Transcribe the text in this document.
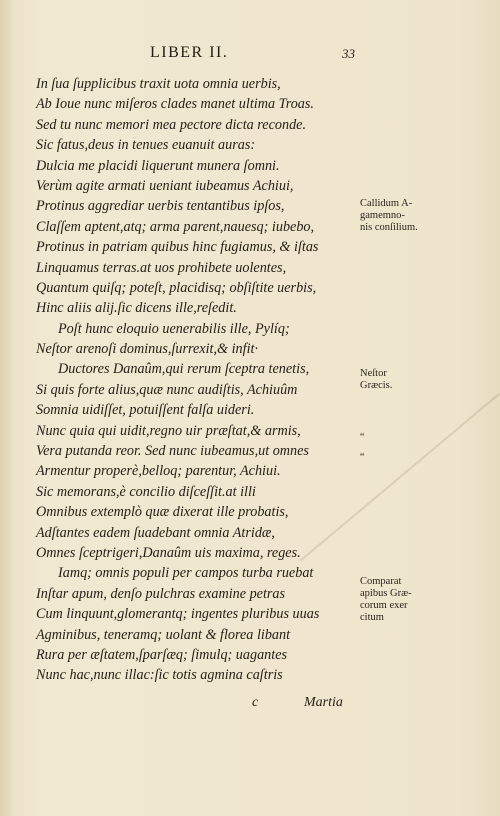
LIBER II.	33
In ſua ſupplicibus traxit uota omnia uerbis,
Ab Ioue nunc miſeros clades manet ultima Troas.
Sed tu nunc memori mea pectore dicta reconde.
Sic fatus,deus in tenues euanuit auras:
Dulcia me placidi liquerunt munera ſomni.
Verùm agite armati ueniant iubeamus Achiui,
Protinus aggrediar uerbis tentantibus ipſos,
Claſſem aptent,atq; arma parent,nauesq; iubebo,
Protinus in patriam quibus hinc fugiamus, & iſtas
Linquamus terras.at uos prohibete uolentes,
Quantum quiſq; poteſt, placidisq; obſiſtite uerbis,
Hinc aliis alij.ſic dicens ille,reſedit.
Poſt hunc eloquio uenerabilis ille, Pylíq;
Neſtor arenoſi dominus,ſurrexit,& infit·
Ductores Danaûm,qui rerum ſceptra tenetis,
Si quis forte alius,quæ nunc audiſtis, Achiuûm
Somnia uidiſſet, potuiſſent falſa uideri.
Nunc quia qui uidit,regno uir præſtat,& armis,
Vera putanda reor. Sed nunc iubeamus,ut omnes
Armentur properè,belloq; parentur, Achiui.
Sic memorans,è concilio diſceſſit.at illi
Omnibus extemplò quæ dixerat ille probatis,
Adſtantes eadem ſuadebant omnia Atridæ,
Omnes ſceptrigeri,Danaûm uis maxima, reges.
Iamq; omnis populi per campos turba ruebat
Inſtar apum, denſo pulchras examine petras
Cum linquunt,glomerantq; ingentes pluribus uuas
Agminibus, teneramq; uolant & florea libant
Rura per æſtatem,ſparſæq; ſimulq; uagantes
Nunc hac,nunc illac:ſic totis agmina caſtris
Callidum A-
gamemno-
nis conſilium.
Neſtor
Græcis.
“
“
Comparat
apibus Græ-
corum exer
citum
c	Martia
